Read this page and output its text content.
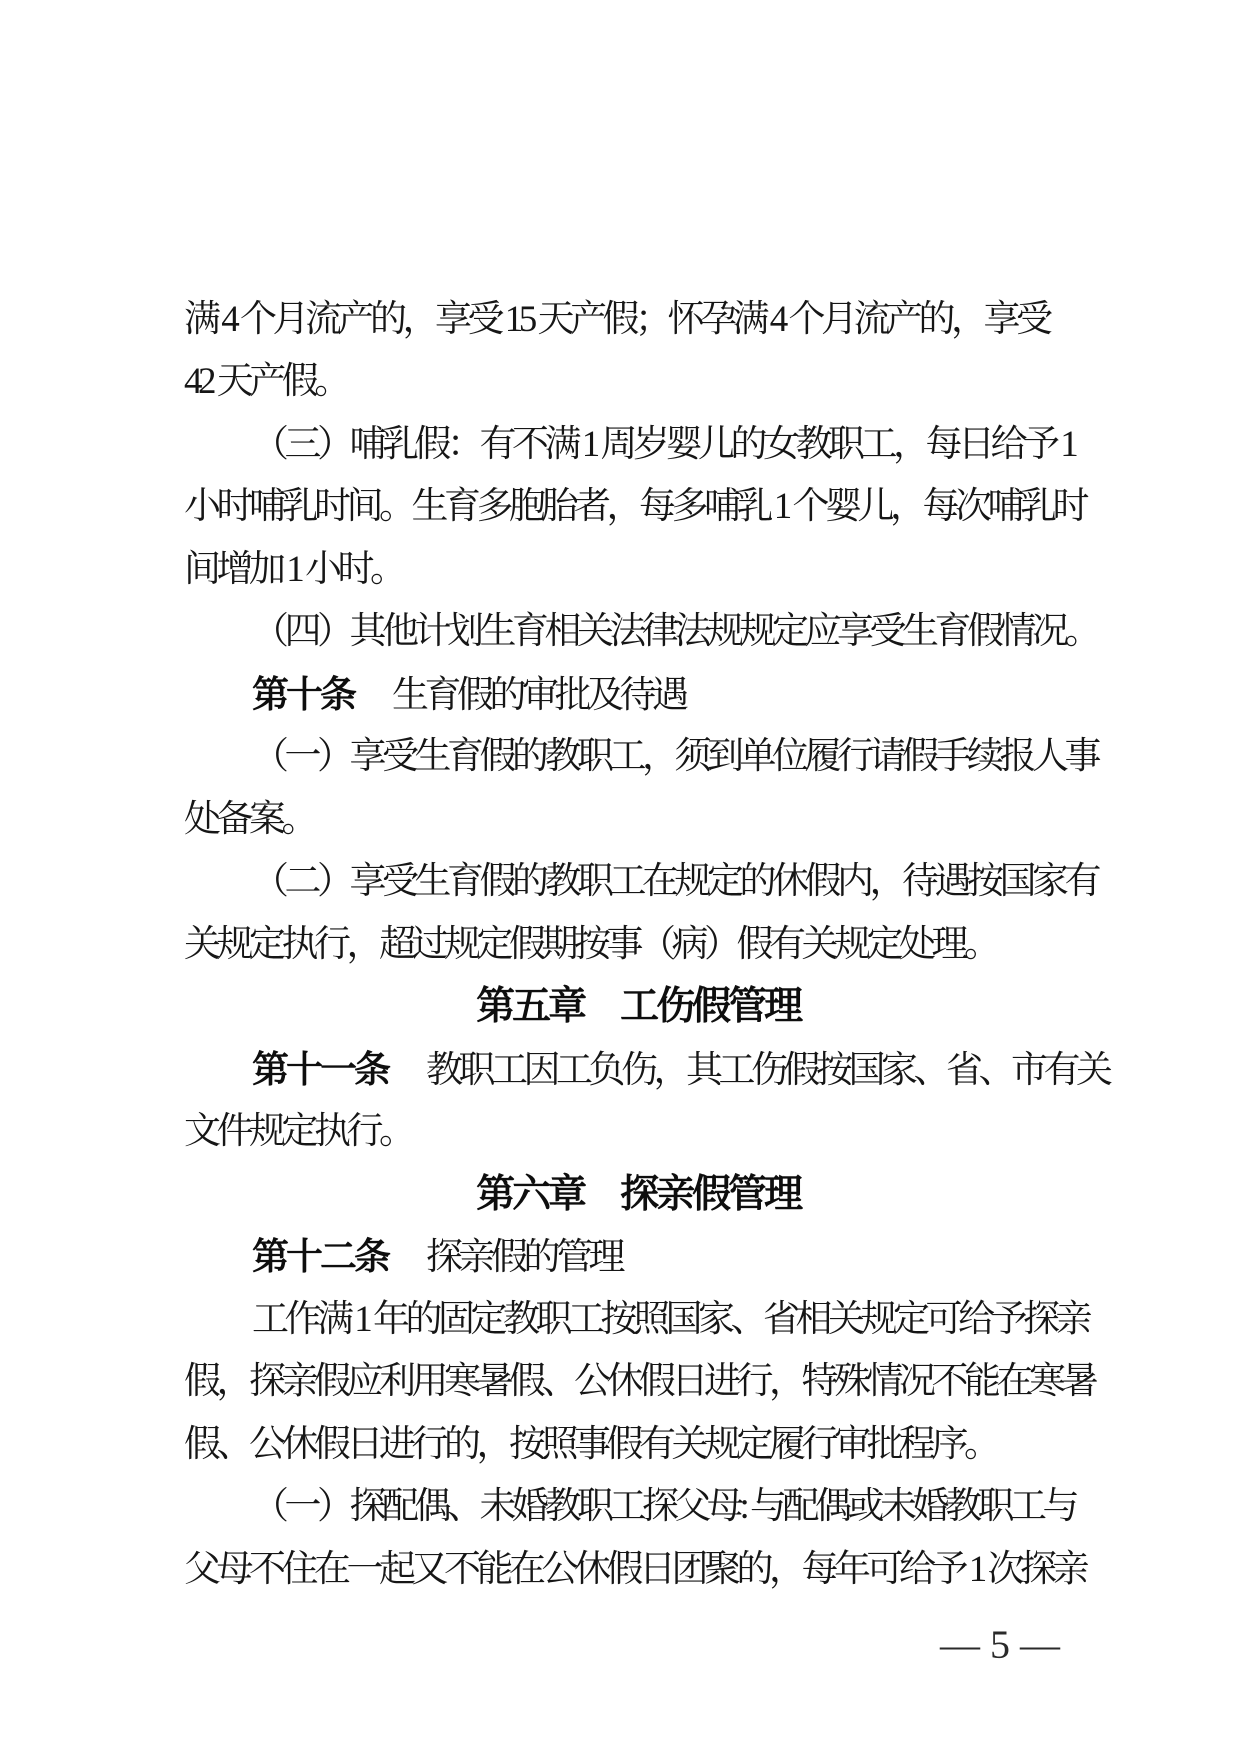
满 4 个月流产的，享受 15 天产假；怀孕满 4 个月流产的，享受

42 天产假。

（三）哺乳假：有不满 1 周岁婴儿的女教职工，每日给予 1

小时哺乳时间。生育多胞胎者，每多哺乳 1 个婴儿，每次哺乳时

间增加 1 小时。

（四）其他计划生育相关法律法规规定应享受生育假情况。

第十条 生育假的审批及待遇

（一）享受生育假的教职工，须到单位履行请假手续报人事

处备案。

（二）享受生育假的教职工在规定的休假内，待遇按国家有

关规定执行，超过规定假期按事（病）假有关规定处理。

第五章　工伤假管理

第十一条 教职工因工负伤，其工伤假按国家、省、市有关

文件规定执行。

第六章　探亲假管理

第十二条 探亲假的管理

工作满 1 年的固定教职工按照国家、省相关规定可给予探亲

假，探亲假应利用寒暑假、公休假日进行，特殊情况不能在寒暑

假、公休假日进行的，按照事假有关规定履行审批程序。

（一）探配偶、未婚教职工探父母: 与配偶或未婚教职工与

父母不住在一起又不能在公休假日团聚的，每年可给予 1 次探亲

— 5 —
